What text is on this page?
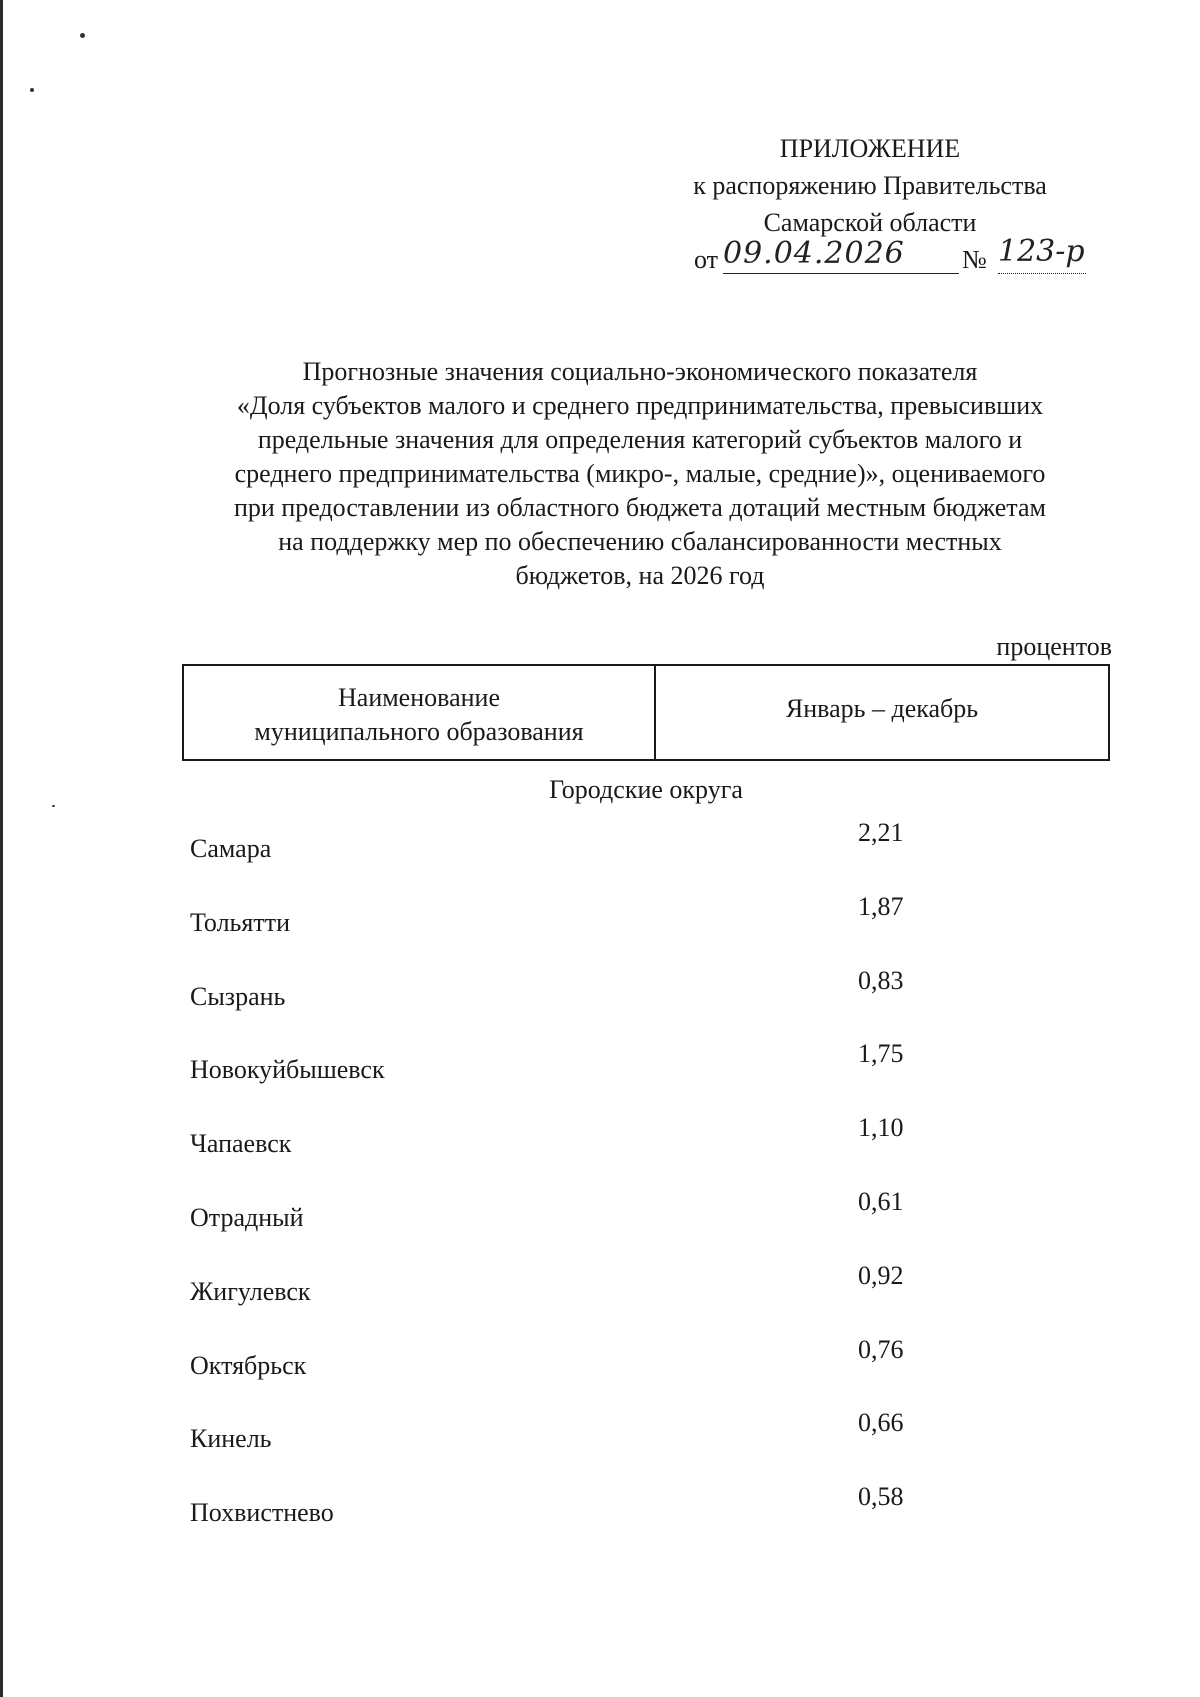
ПРИЛОЖЕНИЕ
к распоряжению Правительства
Самарской области
от 09.04.2026	№ 123-р
Прогнозные значения социально-экономического показателя
«Доля субъектов малого и среднего предпринимательства, превысивших
предельные значения для определения категорий субъектов малого и
среднего предпринимательства (микро-, малые, средние)», оцениваемого
при предоставлении из областного бюджета дотаций местным бюджетам
на поддержку мер по обеспечению сбалансированности местных
бюджетов, на 2026 год
процентов
Наименование
муниципального образования
Январь – декабрь
Городские округа
Самара
2,21
Тольятти
1,87
Сызрань
0,83
Новокуйбышевск
1,75
Чапаевск
1,10
Отрадный
0,61
Жигулевск
0,92
Октябрьск
0,76
Кинель
0,66
Похвистнево
0,58
